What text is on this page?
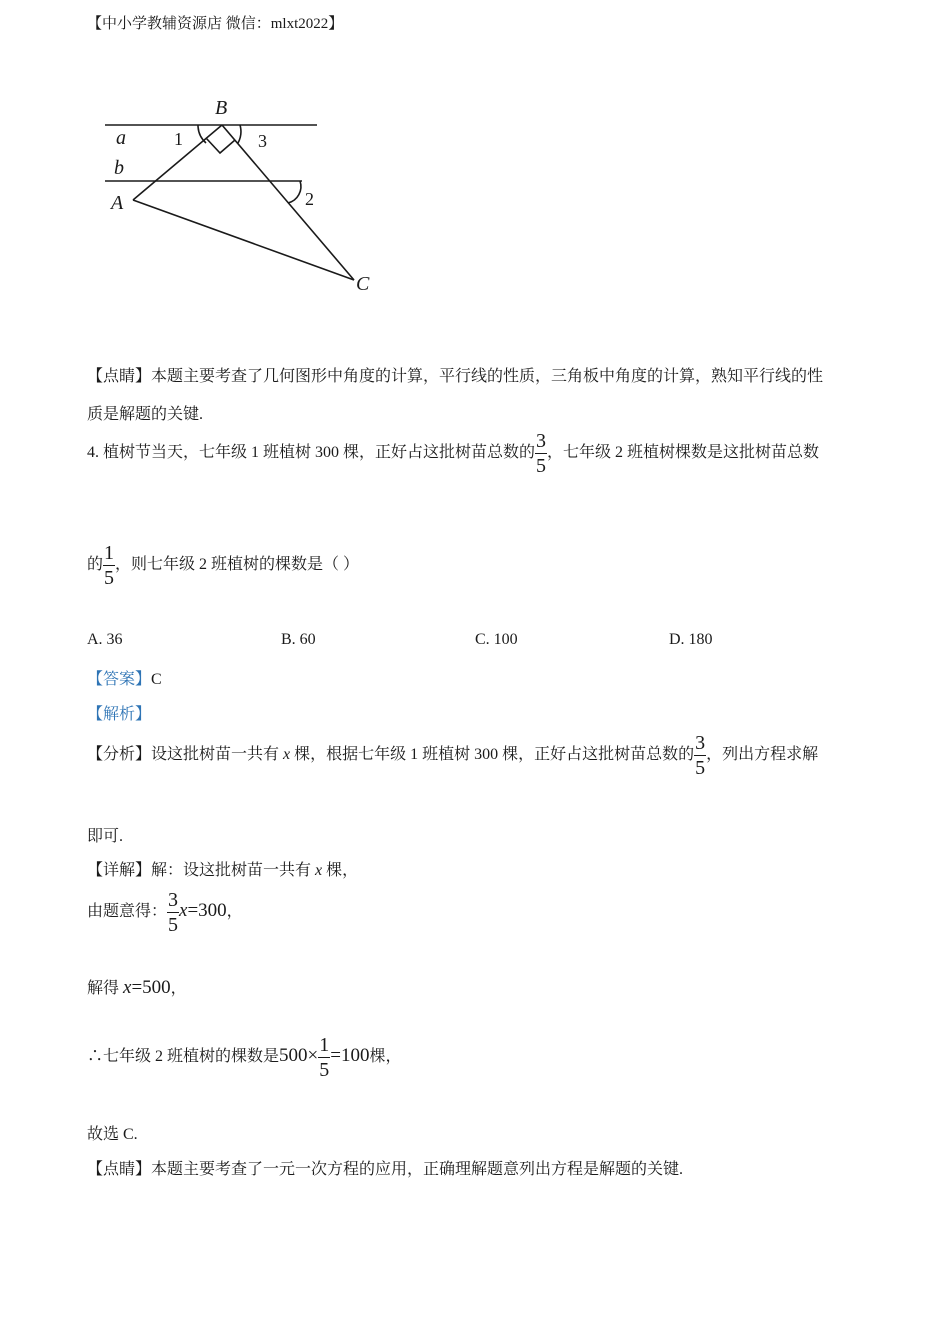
【中小学教辅资源店 微信：mlxt2022】
B
a
b
A
C
1	3
2
【点睛】本题主要考查了几何图形中角度的计算，平行线的性质，三角板中角度的计算，熟知平行线的性
质是解题的关键.
4. 植树节当天，七年级 1 班植树 300 棵，正好占这批树苗总数的 $\frac{3}{5}$ ，七年级 2 班植树棵数是这批树苗总数
的 $\frac{1}{5}$ ，则七年级 2 班植树的棵数是（ ）
A. 36	B. 60	C. 100	D. 180
【答案】C
【解析】
【分析】设这批树苗一共有 x 棵，根据七年级 1 班植树 300 棵，正好占这批树苗总数的 $\frac{3}{5}$ ，列出方程求解
即可.
【详解】解：设这批树苗一共有 x 棵，
由题意得： $\frac{3}{5} x=300$，
解得 x=500，
∴七年级 2 班植树的棵数是$500\times \frac{1}{5} =100$棵，
故选 C.
【点睛】本题主要考查了一元一次方程的应用，正确理解题意列出方程是解题的关键.
